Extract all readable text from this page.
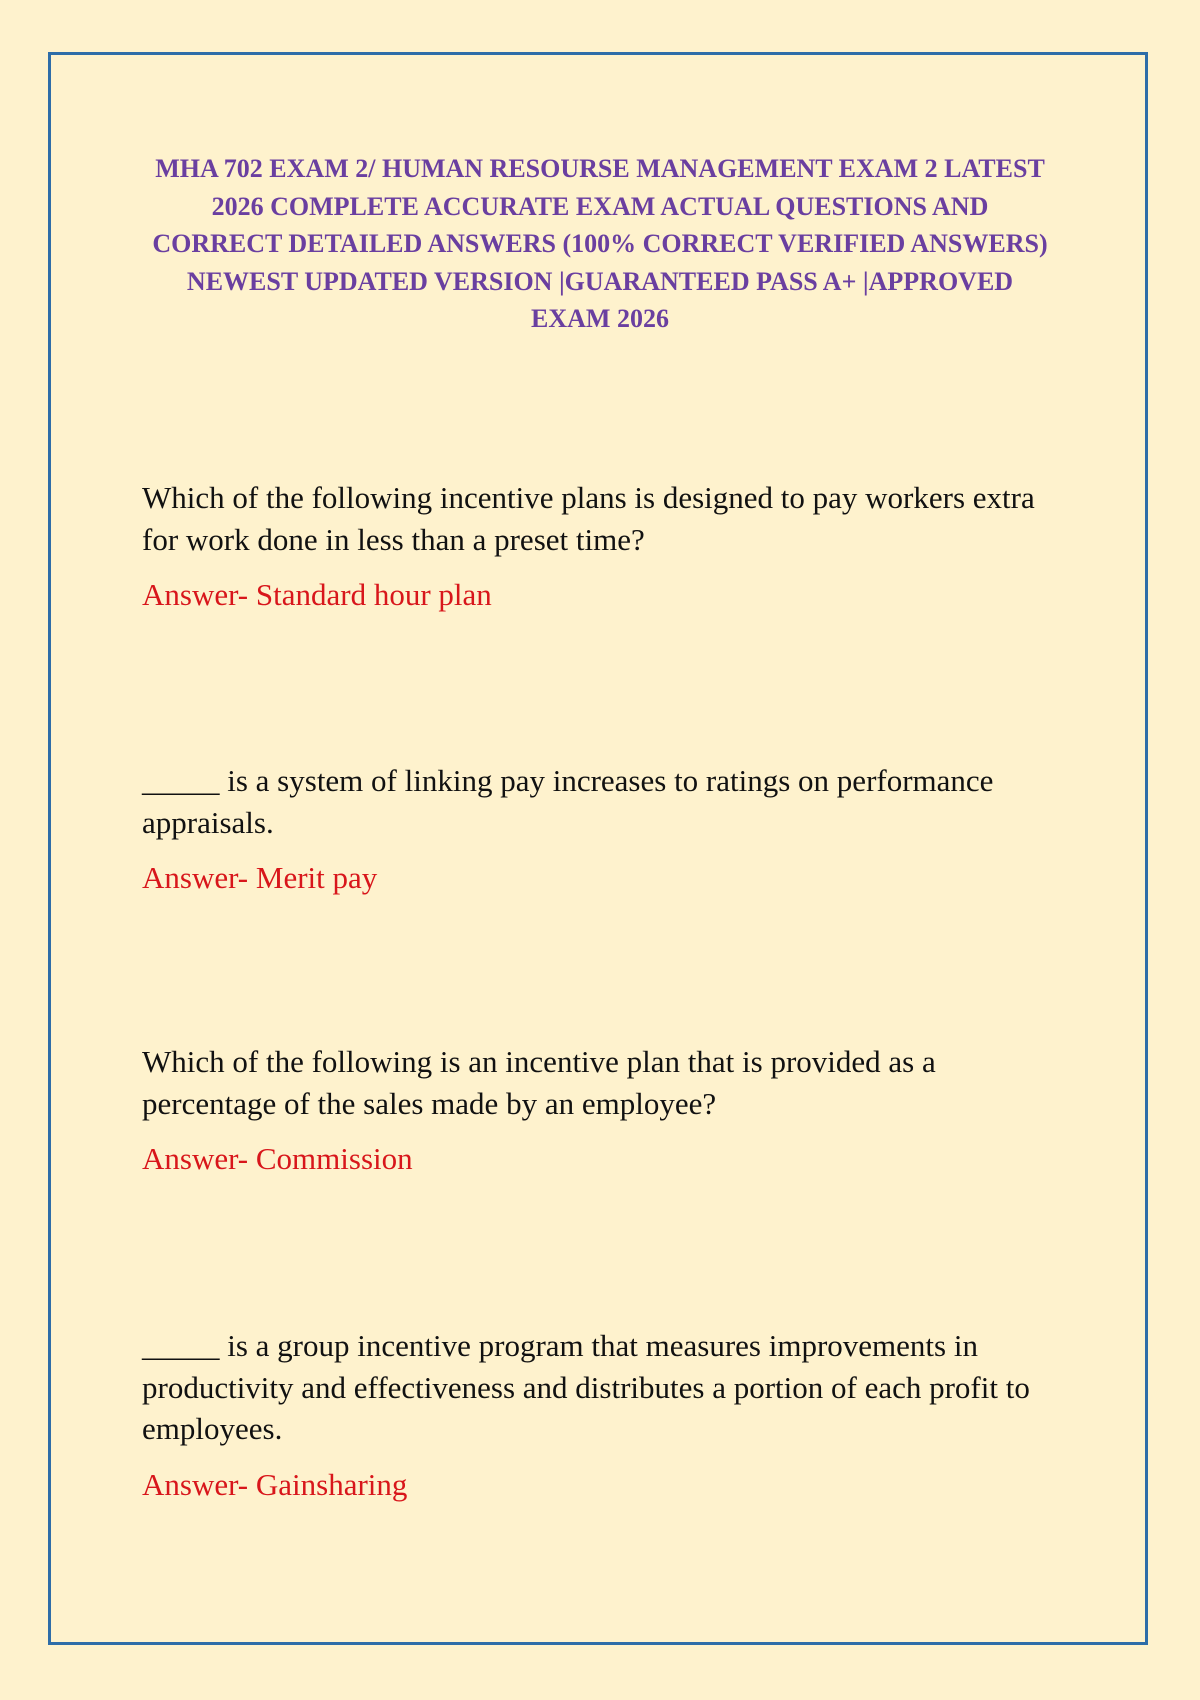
MHA 702 EXAM 2/ HUMAN RESOURSE MANAGEMENT EXAM 2 LATEST 2026 COMPLETE ACCURATE EXAM ACTUAL QUESTIONS AND CORRECT DETAILED ANSWERS (100% CORRECT VERIFIED ANSWERS) NEWEST UPDATED VERSION |GUARANTEED PASS A+ |APPROVED EXAM 2026

Which of the following incentive plans is designed to pay workers extra for work done in less than a preset time?

Answer- Standard hour plan

_____ is a system of linking pay increases to ratings on performance appraisals.

Answer- Merit pay

Which of the following is an incentive plan that is provided as a percentage of the sales made by an employee?

Answer- Commission

_____ is a group incentive program that measures improvements in productivity and effectiveness and distributes a portion of each profit to employees.

Answer- Gainsharing
